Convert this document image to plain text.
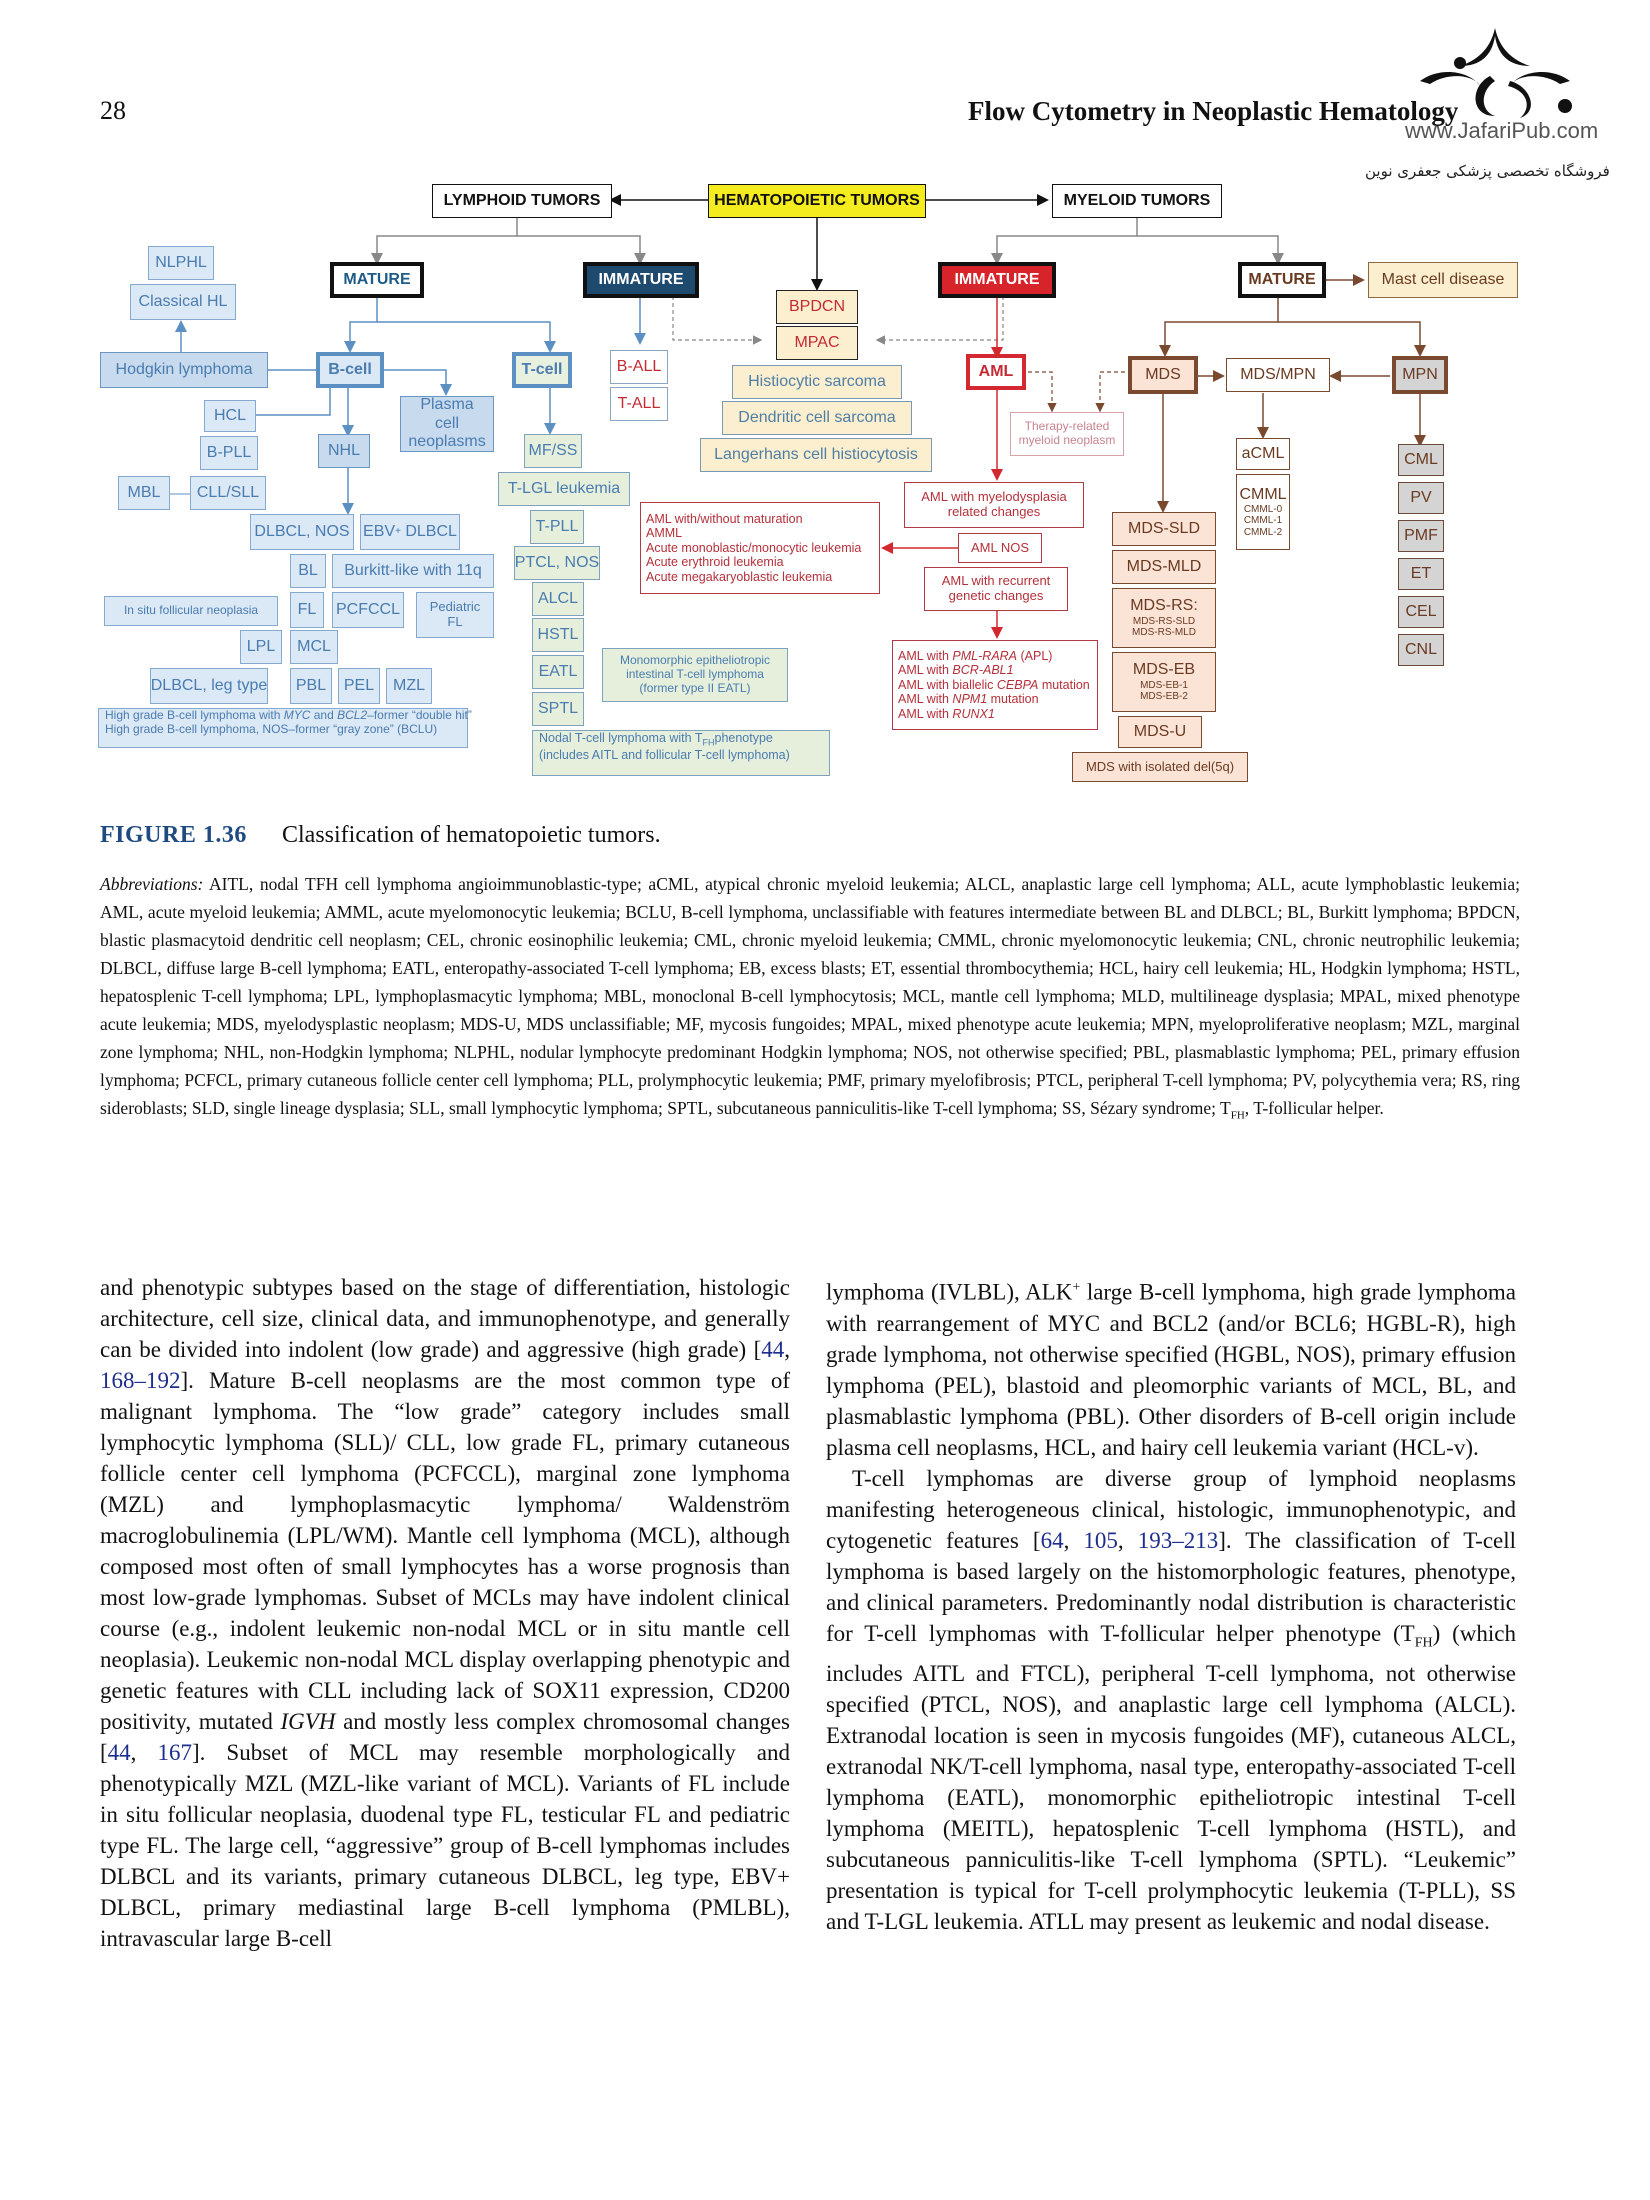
28	Flow Cytometry in Neoplastic Hematology
www.JafariPub.com
فروشگاه تخصصی پزشکی جعفری نوین
LYMPHOID TUMORS	HEMATOPOIETIC TUMORS	MYELOID TUMORS
MATURE	IMMATURE	IMMATURE	MATURE	Mast cell disease
NLPHL
Classical HL
Hodgkin lymphoma	B-cell	T-cell
Plasma cell neoplasms
HCL
B-PLL
MBL	CLL/SLL
NHL
DLBCL, NOS EBV + DLBCL
BL	Burkitt-like with 11q
In situ follicular neoplasia	FL	PCFCCL	Pediatric
FL
LPL	MCL
DLBCL, leg type	PBL	PEL	MZL
High grade B-cell lymphoma with MYC and BCL2–former “double hit”
High grade B-cell lymphoma, NOS–former “gray zone” (BCLU)
MF/SS
T-LGL leukemia
T-PLL
PTCL, NOS
ALCL
HSTL
EATL
Monomorphic epitheliotropic
intestinal T-cell lymphoma
(former type II EATL)
SPTL
Nodal T-cell lymphoma with $T_{FH}phenotype$
(includes AITL and follicular T-cell lymphoma)
B-ALL
T-ALL
BPDCN
MPAC
Histiocytic sarcoma
Dendritic cell sarcoma
Langerhans cell histiocytosis
AML
Therapy-related
myeloid neoplasm
AML with myelodysplasia
related changes
AML NOS
AML with/without maturation
AMML
Acute monoblastic/monocytic leukemia
Acute erythroid leukemia
Acute megakaryoblastic leukemia	AML with recurrent
genetic changes
AML with PML-RARA (APL)
AML with BCR-ABL1
AML with biallelic CEBPA mutation
AML with NPM1 mutation
AML with RUNX1
MDS	MDS/MPN	MPN
MDS-SLD
MDS-MLD
MDS-RS:
MDS-RS-SLD
MDS-RS-MLD
MDS-EB
MDS-EB-1
MDS-EB-2
MDS-U
MDS with isolated del(5q)
aCML
CMML
CMML-0
CMML-1
CMML-2
CML
PV
PMF
ET
CEL
CNL
FIGURE 1.36 Classification of hematopoietic tumors.
Abbreviations: AITL, nodal TFH cell lymphoma angioimmunoblastic-type; aCML, atypical chronic myeloid leukemia; ALCL, anaplastic large cell lymphoma; ALL, acute lymphoblastic leukemia; AML, acute myeloid leukemia; AMML, acute myelomonocytic leukemia; BCLU, B-cell lymphoma, unclassifiable with features intermediate between BL and DLBCL; BL, Burkitt lymphoma; BPDCN, blastic plasmacytoid dendritic cell neoplasm; CEL, chronic eosinophilic leukemia; CML, chronic myeloid leukemia; CMML, chronic myelomonocytic leukemia; CNL, chronic neutrophilic leukemia; DLBCL, diffuse large B-cell lymphoma; EATL, enteropathy-associated T-cell lymphoma; EB, excess blasts; ET, essential thrombocythemia; HCL, hairy cell leukemia; HL, Hodgkin lymphoma; HSTL, hepatosplenic T-cell lymphoma; LPL, lymphoplasmacytic lymphoma; MBL, monoclonal B-cell lymphocytosis; MCL, mantle cell lymphoma; MLD, multilineage dysplasia; MPAL, mixed phenotype acute leukemia; MDS, myelodysplastic neoplasm; MDS-U, MDS unclassifiable; MF, mycosis fungoides; MPAL, mixed phenotype acute leukemia; MPN, myeloproliferative neoplasm; MZL, marginal zone lymphoma; NHL, non-Hodgkin lymphoma; NLPHL, nodular lymphocyte predominant Hodgkin lymphoma; NOS, not otherwise specified; PBL, plasmablastic lymphoma; PEL, primary effusion lymphoma; PCFCL, primary cutaneous follicle center cell lymphoma; PLL, prolymphocytic leukemia; PMF, primary myelofibrosis; PTCL, peripheral T-cell lymphoma; PV, polycythemia vera; RS, ring sideroblasts; SLD, single lineage dysplasia; SLL, small lymphocytic lymphoma; SPTL, subcutaneous panniculitis-like T-cell lymphoma; SS, Sézary syndrome; $T_{FH}$, T-follicular helper.

and phenotypic subtypes based on the stage of differentiation, histologic architecture, cell size, clinical data, and immunophenotype, and generally can be divided into indolent (low grade) and aggressive (high grade) [44, 168–192]. Mature B-cell neoplasms are the most common type of malignant lymphoma. The “low grade” category includes small lymphocytic lymphoma (SLL)/ CLL, low grade FL, primary cutaneous follicle center cell lymphoma (PCFCCL), marginal zone lymphoma (MZL) and lymphoplasmacytic lymphoma/ Waldenström macroglobulinemia (LPL/WM). Mantle cell lymphoma (MCL), although composed most often of small lymphocytes has a worse prognosis than most low-grade lymphomas. Subset of MCLs may have indolent clinical course (e.g., indolent leukemic non-nodal MCL or in situ mantle cell neoplasia). Leukemic non-nodal MCL display overlapping phenotypic and genetic features with CLL including lack of SOX11 expression, CD200 positivity, mutated IGVH and mostly less complex chromosomal changes [44, 167]. Subset of MCL may resemble morphologically and phenotypically MZL (MZL-like variant of MCL). Variants of FL include in situ follicular neoplasia, duodenal type FL, testicular FL and pediatric type FL. The large cell, “aggressive” group of B-cell lymphomas includes DLBCL and its variants, primary cutaneous DLBCL, leg type, EBV+ DLBCL, primary mediastinal large B-cell lymphoma (PMLBL), intravascular large B-cell

lymphoma (IVLBL), ALK+ large B-cell lymphoma, high grade lymphoma with rearrangement of MYC and BCL2 (and/or BCL6; HGBL-R), high grade lymphoma, not otherwise specified (HGBL, NOS), primary effusion lymphoma (PEL), blastoid and pleomorphic variants of MCL, BL, and plasmablastic lymphoma (PBL). Other disorders of B-cell origin include plasma cell neoplasms, HCL, and hairy cell leukemia variant (HCL-v).

T-cell lymphomas are diverse group of lymphoid neoplasms manifesting heterogeneous clinical, histologic, immunophenotypic, and cytogenetic features [64, 105, 193–213]. The classification of T-cell lymphoma is based largely on the histomorphologic features, phenotype, and clinical parameters. Predominantly nodal distribution is characteristic for T-cell lymphomas with T-follicular helper phenotype $(T_{FH})$ (which includes AITL and FTCL), peripheral T-cell lymphoma, not otherwise specified (PTCL, NOS), and anaplastic large cell lymphoma (ALCL). Extranodal location is seen in mycosis fungoides (MF), cutaneous ALCL, extranodal NK/T-cell lymphoma, nasal type, enteropathy-associated T-cell lymphoma (EATL), monomorphic epitheliotropic intestinal T-cell lymphoma (MEITL), hepatosplenic T-cell lymphoma (HSTL), and subcutaneous panniculitis-like T-cell lymphoma (SPTL). “Leukemic” presentation is typical for T-cell prolymphocytic leukemia (T-PLL), SS and T-LGL leukemia. ATLL may present as leukemic and nodal disease.
